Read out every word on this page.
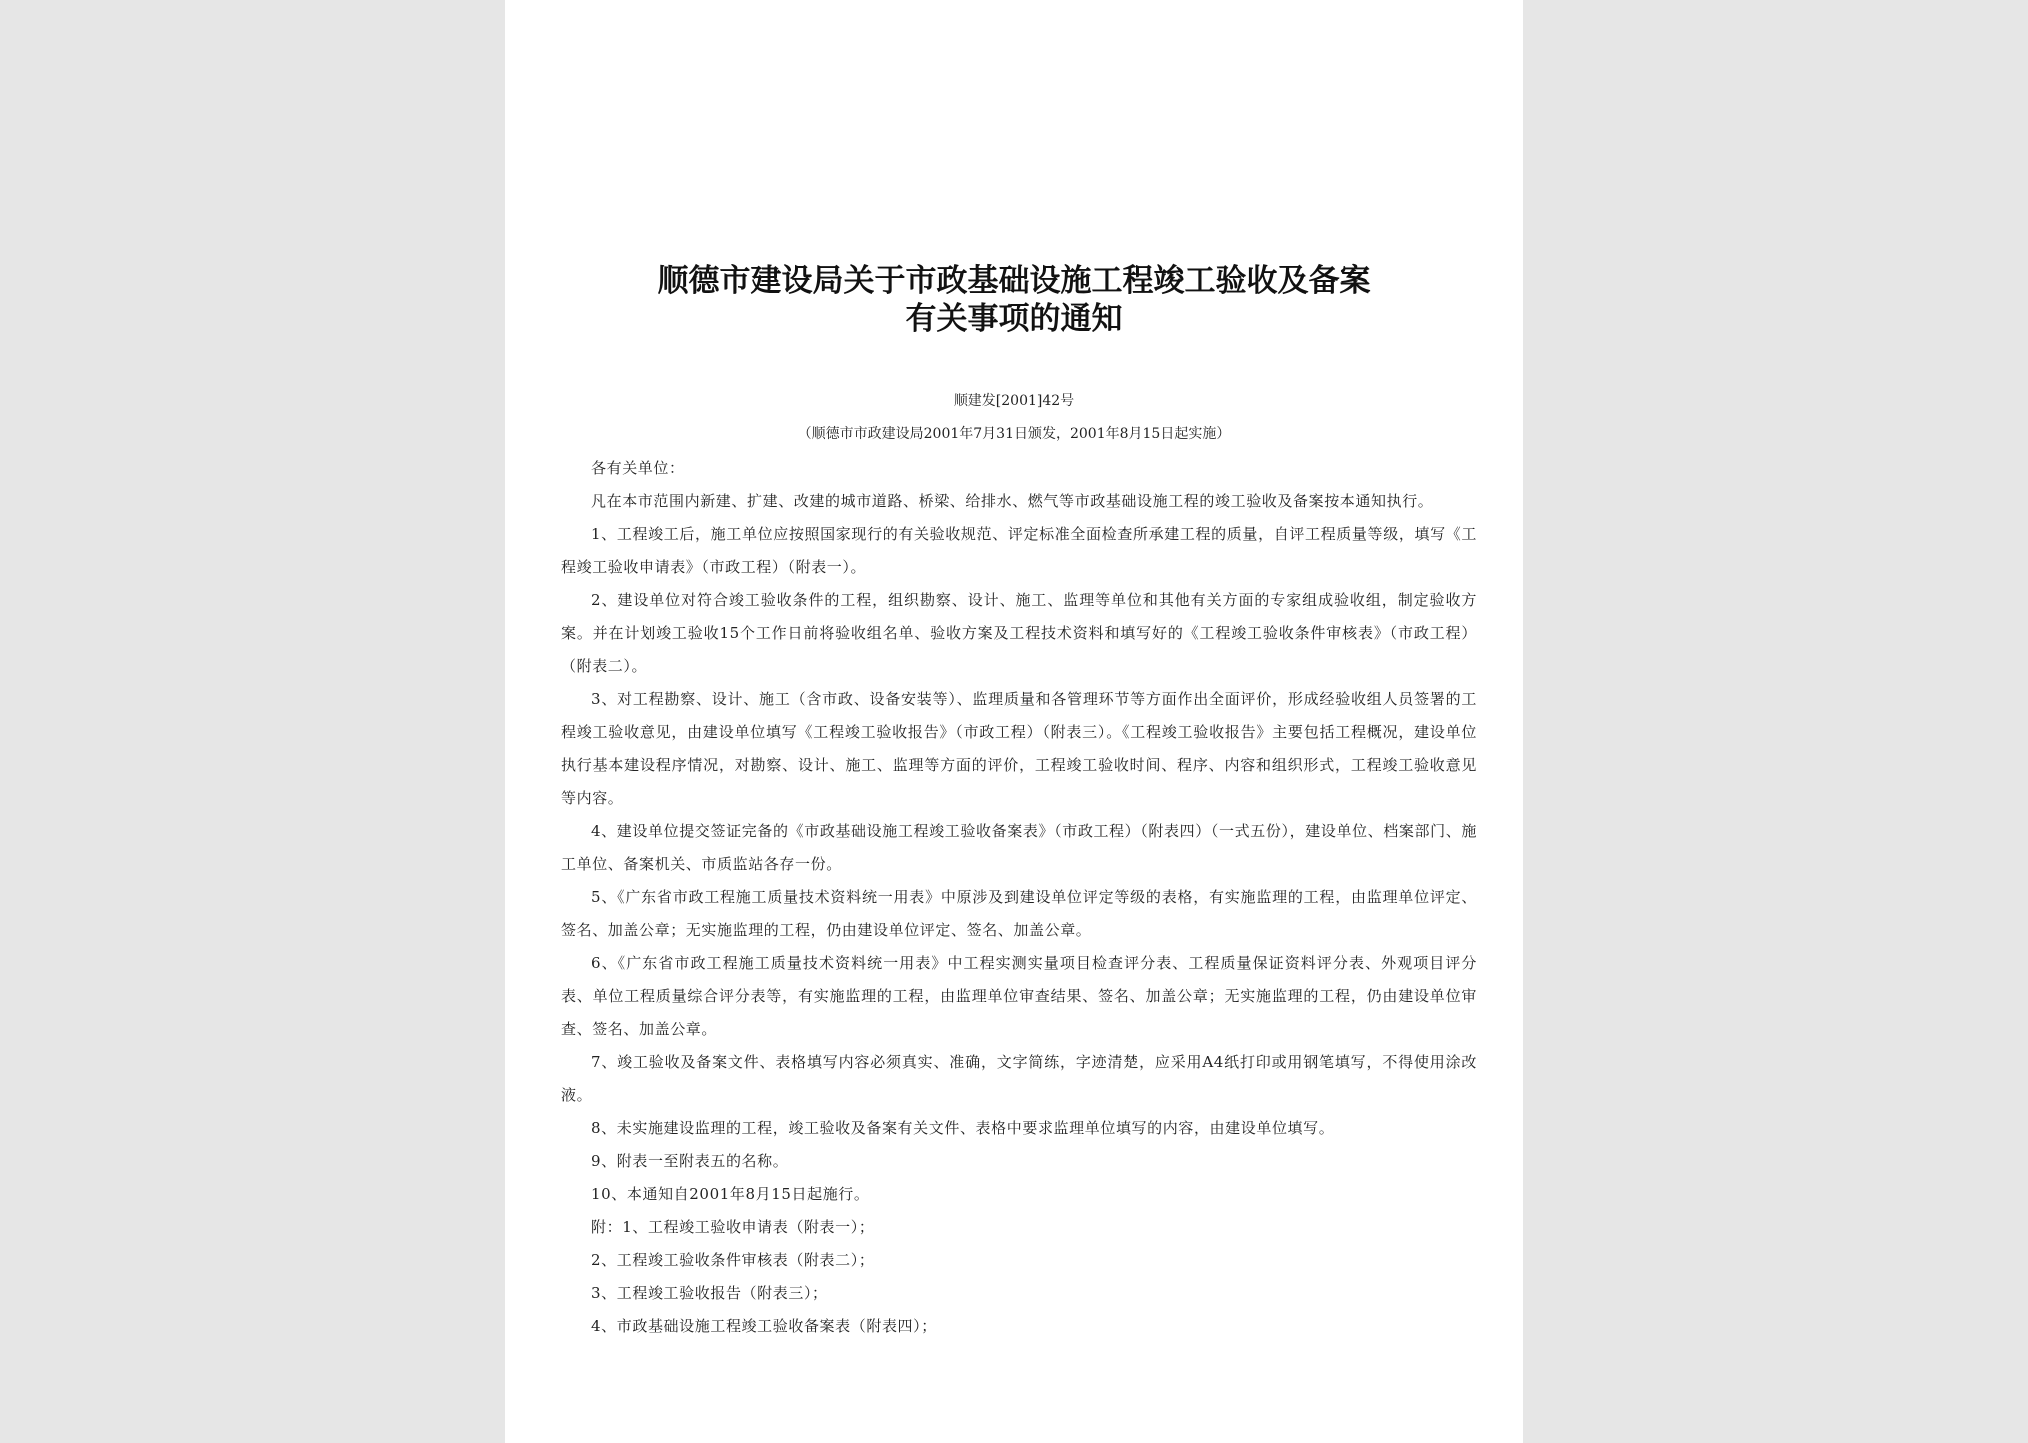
顺德市建设局关于市政基础设施工程竣工验收及备案
有关事项的通知
顺建发[2001]42号
（顺德市市政建设局2001年7月31日颁发，2001年8月15日起实施）

各有关单位：

凡在本市范围内新建、扩建、改建的城市道路、桥梁、给排水、燃气等市政基础设施工程的竣工验收及备案按本通知执行。

1、工程竣工后，施工单位应按照国家现行的有关验收规范、评定标准全面检查所承建工程的质量，自评工程质量等级，填写《工程竣工验收申请表》（市政工程）（附表一）。

2、建设单位对符合竣工验收条件的工程，组织勘察、设计、施工、监理等单位和其他有关方面的专家组成验收组，制定验收方案。并在计划竣工验收15个工作日前将验收组名单、验收方案及工程技术资料和填写好的《工程竣工验收条件审核表》（市政工程）（附表二）。

3、对工程勘察、设计、施工（含市政、设备安装等）、监理质量和各管理环节等方面作出全面评价，形成经验收组人员签署的工程竣工验收意见，由建设单位填写《工程竣工验收报告》（市政工程）（附表三）。《工程竣工验收报告》主要包括工程概况，建设单位执行基本建设程序情况，对勘察、设计、施工、监理等方面的评价，工程竣工验收时间、程序、内容和组织形式，工程竣工验收意见等内容。

4、建设单位提交签证完备的《市政基础设施工程竣工验收备案表》（市政工程）（附表四）（一式五份），建设单位、档案部门、施工单位、备案机关、市质监站各存一份。

5、《广东省市政工程施工质量技术资料统一用表》中原涉及到建设单位评定等级的表格，有实施监理的工程，由监理单位评定、签名、加盖公章；无实施监理的工程，仍由建设单位评定、签名、加盖公章。

6、《广东省市政工程施工质量技术资料统一用表》中工程实测实量项目检查评分表、工程质量保证资料评分表、外观项目评分表、单位工程质量综合评分表等，有实施监理的工程，由监理单位审查结果、签名、加盖公章；无实施监理的工程，仍由建设单位审查、签名、加盖公章。

7、竣工验收及备案文件、表格填写内容必须真实、准确，文字简练，字迹清楚，应采用A4纸打印或用钢笔填写，不得使用涂改液。

8、未实施建设监理的工程，竣工验收及备案有关文件、表格中要求监理单位填写的内容，由建设单位填写。

9、附表一至附表五的名称。

10、本通知自2001年8月15日起施行。

附：1、工程竣工验收申请表（附表一）；

2、工程竣工验收条件审核表（附表二）；

3、工程竣工验收报告（附表三）；

4、市政基础设施工程竣工验收备案表（附表四）；
